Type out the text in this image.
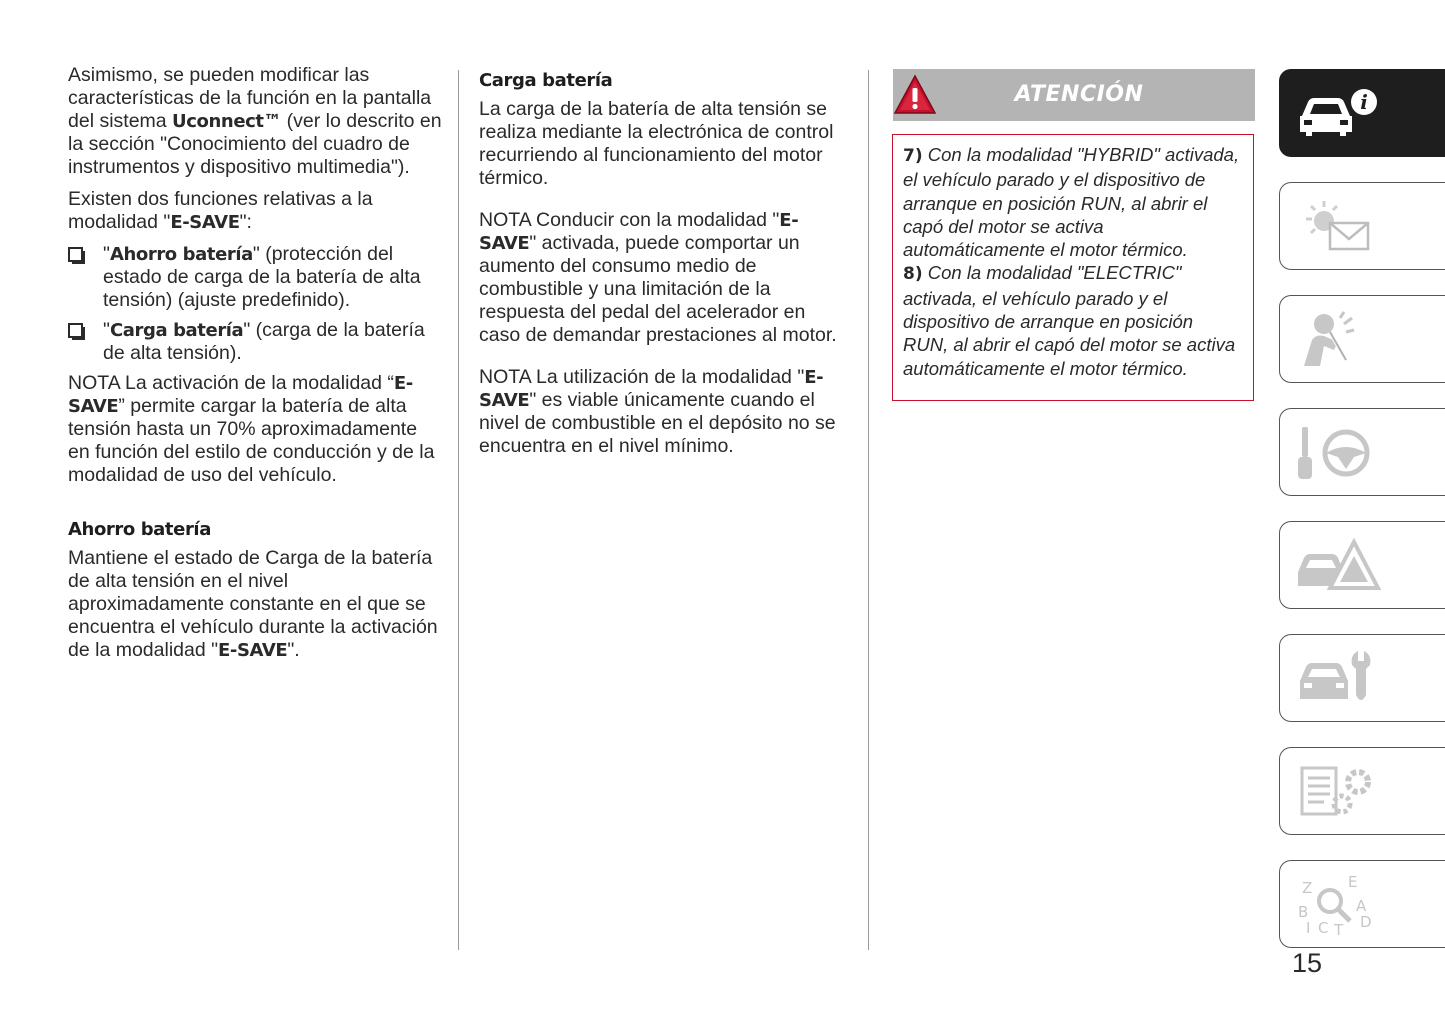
Asimismo, se pueden modificar las características de la función en la pantalla del sistema Uconnect™ (ver lo descrito en la sección "Conocimiento del cuadro de instrumentos y dispositivo multimedia").

Existen dos funciones relativas a la modalidad "E-SAVE":

"Ahorro batería" (protección del estado de carga de la batería de alta tensión) (ajuste predefinido).
"Carga batería" (carga de la batería de alta tensión).

NOTA La activación de la modalidad “E-SAVE” permite cargar la batería de alta tensión hasta un 70% aproximadamente en función del estilo de conducción y de la modalidad de uso del vehículo.

Ahorro batería

Mantiene el estado de Carga de la batería de alta tensión en el nivel aproximadamente constante en el que se encuentra el vehículo durante la activación de la modalidad "E-SAVE".

Carga batería

La carga de la batería de alta tensión se realiza mediante la electrónica de control recurriendo al funcionamiento del motor térmico.

NOTA Conducir con la modalidad "E-SAVE" activada, puede comportar un aumento del consumo medio de combustible y una limitación de la respuesta del pedal del acelerador en caso de demandar prestaciones al motor.

NOTA La utilización de la modalidad "E-SAVE" es viable únicamente cuando el nivel de combustible en el depósito no se encuentra en el nivel mínimo.

ATENCIÓN
7) Con la modalidad "HYBRID" activada, el vehículo parado y el dispositivo de arranque en posición RUN, al abrir el capó del motor se activa automáticamente el motor térmico.
8) Con la modalidad "ELECTRIC" activada, el vehículo parado y el dispositivo de arranque en posición RUN, al abrir el capó del motor se activa automáticamente el motor térmico.
i
Z E
B	A
D
I C T
15
